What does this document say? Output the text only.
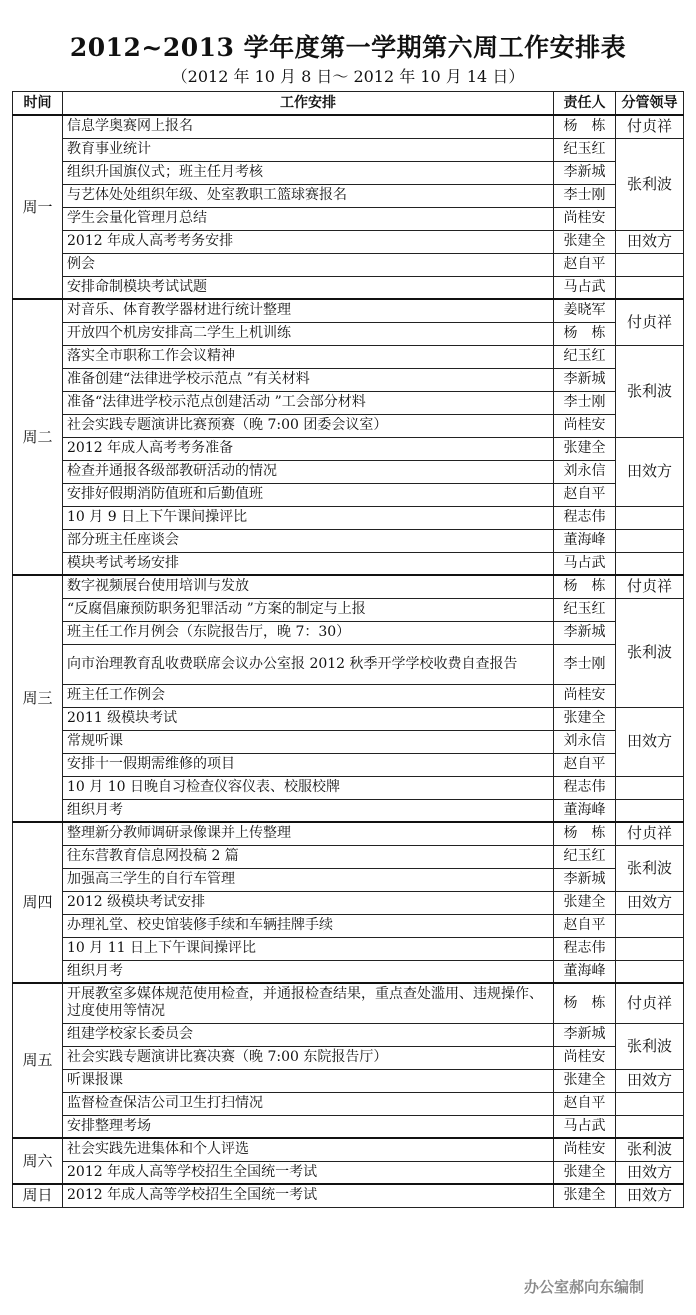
2012~2013 学年度第一学期第六周工作安排表
（2012 年 10 月 8 日～ 2012 年 10 月 14 日）
时间	工作安排	责任人	分管领导
周一	信息学奥赛网上报名	杨　栋	付贞祥
	教育事业统计	纪玉红	张利波
	组织升国旗仪式；班主任月考核	李新城	
	与艺体处处组织年级、处室教职工篮球赛报名	李士刚	
	学生会量化管理月总结	尚桂安	
	2012 年成人高考考务安排	张建全	田效方
	例会	赵自平	
	安排命制模块考试试题	马占武	
周二	对音乐、体育教学器材进行统计整理	姜晓军	付贞祥
	开放四个机房安排高二学生上机训练	杨　栋	
	落实全市职称工作会议精神	纪玉红	张利波
	准备创建“法律进学校示范点 ”有关材料	李新城	
	准备“法律进学校示范点创建活动 ”工会部分材料	李士刚	
	社会实践专题演讲比赛预赛（晚 7:00 团委会议室）	尚桂安	
	2012 年成人高考考务准备	张建全	田效方
	检查并通报各级部教研活动的情况	刘永信	
	安排好假期消防值班和后勤值班	赵自平	
	10 月 9 日上下午课间操评比	程志伟	
	部分班主任座谈会	董海峰	
	模块考试考场安排	马占武	
周三	数字视频展台使用培训与发放	杨　栋	付贞祥
	“反腐倡廉预防职务犯罪活动 ”方案的制定与上报	纪玉红	张利波
	班主任工作月例会（东院报告厅，晚 7：30）	李新城	
	向市治理教育乱收费联席会议办公室报 2012 秋季开学学校收费自查报告	李士刚	
	班主任工作例会	尚桂安	
	2011 级模块考试	张建全	田效方
	常规听课	刘永信	
	安排十一假期需维修的项目	赵自平	
	10 月 10 日晚自习检查仪容仪表、校服校牌	程志伟	
	组织月考	董海峰	
周四	整理新分教师调研录像课并上传整理	杨　栋	付贞祥
	往东营教育信息网投稿 2 篇	纪玉红	张利波
	加强高三学生的自行车管理	李新城	
	2012 级模块考试安排	张建全	田效方
	办理礼堂、校史馆装修手续和车辆挂牌手续	赵自平	
	10 月 11 日上下午课间操评比	程志伟	
	组织月考	董海峰	
周五	开展教室多媒体规范使用检查，并通报检查结果，重点查处滥用、违规操作、过度使用等情况	杨　栋	付贞祥
	组建学校家长委员会	李新城	张利波
	社会实践专题演讲比赛决赛（晚 7:00 东院报告厅）	尚桂安	
	听课报课	张建全	田效方
	监督检查保洁公司卫生打扫情况	赵自平	
	安排整理考场	马占武	
周六	社会实践先进集体和个人评选	尚桂安	张利波
	2012 年成人高等学校招生全国统一考试	张建全	田效方
周日	2012 年成人高等学校招生全国统一考试	张建全	田效方
办公室郝向东编制
